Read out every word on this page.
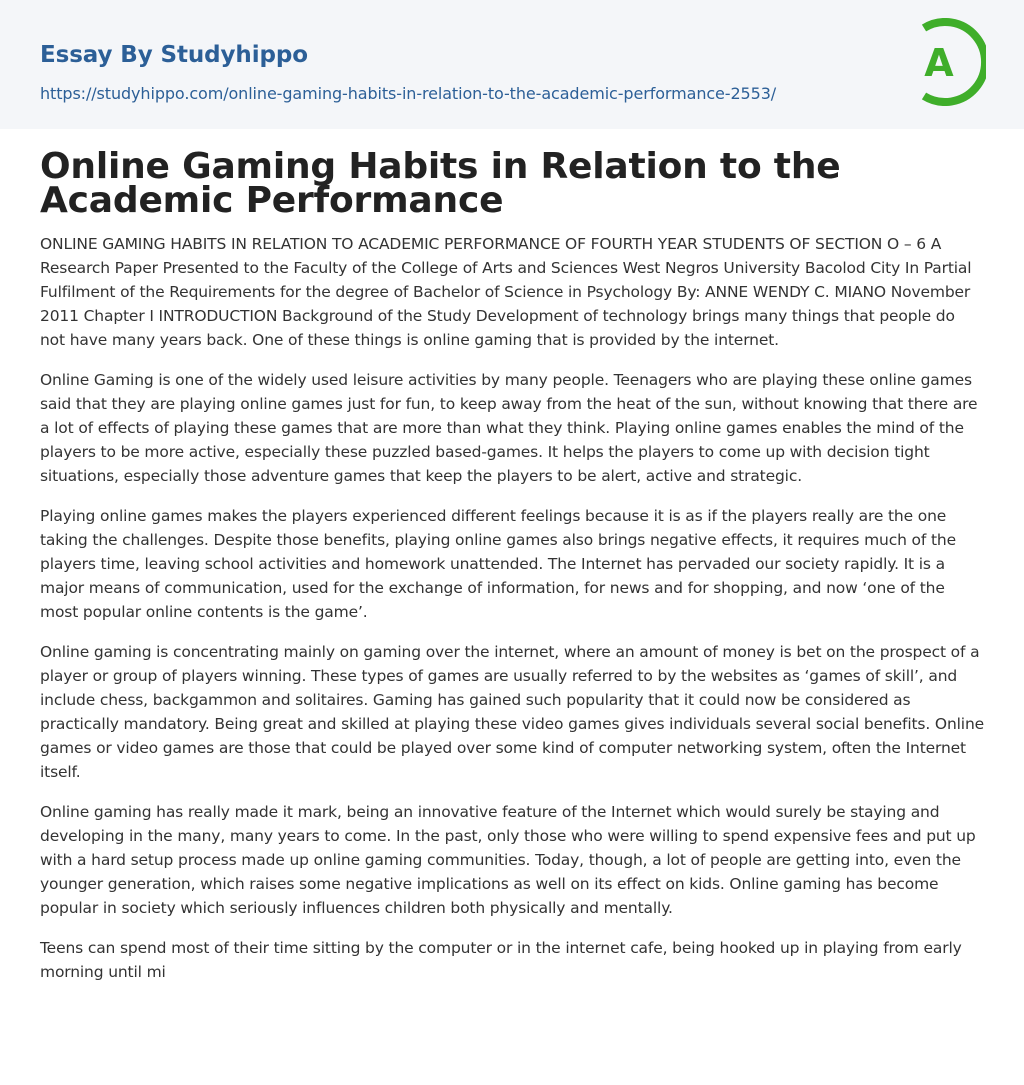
Essay By Studyhippo
https://studyhippo.com/online-gaming-habits-in-relation-to-the-academic-performance-2553/
A
Online Gaming Habits in Relation to the Academic Performance

ONLINE GAMING HABITS IN RELATION TO ACADEMIC PERFORMANCE OF FOURTH YEAR STUDENTS OF SECTION O – 6 A Research Paper Presented to the Faculty of the College of Arts and Sciences West Negros University Bacolod City In Partial Fulfilment of the Requirements for the degree of Bachelor of Science in Psychology By: ANNE WENDY C. MIANO November 2011 Chapter I INTRODUCTION Background of the Study Development of technology brings many things that people do not have many years back. One of these things is online gaming that is provided by the internet.

Online Gaming is one of the widely used leisure activities by many people. Teenagers who are playing these online games said that they are playing online games just for fun, to keep away from the heat of the sun, without knowing that there are a lot of effects of playing these games that are more than what they think. Playing online games enables the mind of the players to be more active, especially these puzzled based-games. It helps the players to come up with decision tight situations, especially those adventure games that keep the players to be alert, active and strategic.

Playing online games makes the players experienced different feelings because it is as if the players really are the one taking the challenges. Despite those benefits, playing online games also brings negative effects, it requires much of the players time, leaving school activities and homework unattended. The Internet has pervaded our society rapidly. It is a major means of communication, used for the exchange of information, for news and for shopping, and now ‘one of the most popular online contents is the game’.

Online gaming is concentrating mainly on gaming over the internet, where an amount of money is bet on the prospect of a player or group of players winning. These types of games are usually referred to by the websites as ‘games of skill’, and include chess, backgammon and solitaires. Gaming has gained such popularity that it could now be considered as practically mandatory. Being great and skilled at playing these video games gives individuals several social benefits. Online games or video games are those that could be played over some kind of computer networking system, often the Internet itself.

Online gaming has really made it mark, being an innovative feature of the Internet which would surely be staying and developing in the many, many years to come. In the past, only those who were willing to spend expensive fees and put up with a hard setup process made up online gaming communities. Today, though, a lot of people are getting into, even the younger generation, which raises some negative implications as well on its effect on kids. Online gaming has become popular in society which seriously influences children both physically and mentally.

Teens can spend most of their time sitting by the computer or in the internet cafe, being hooked up in playing from early morning until mi
